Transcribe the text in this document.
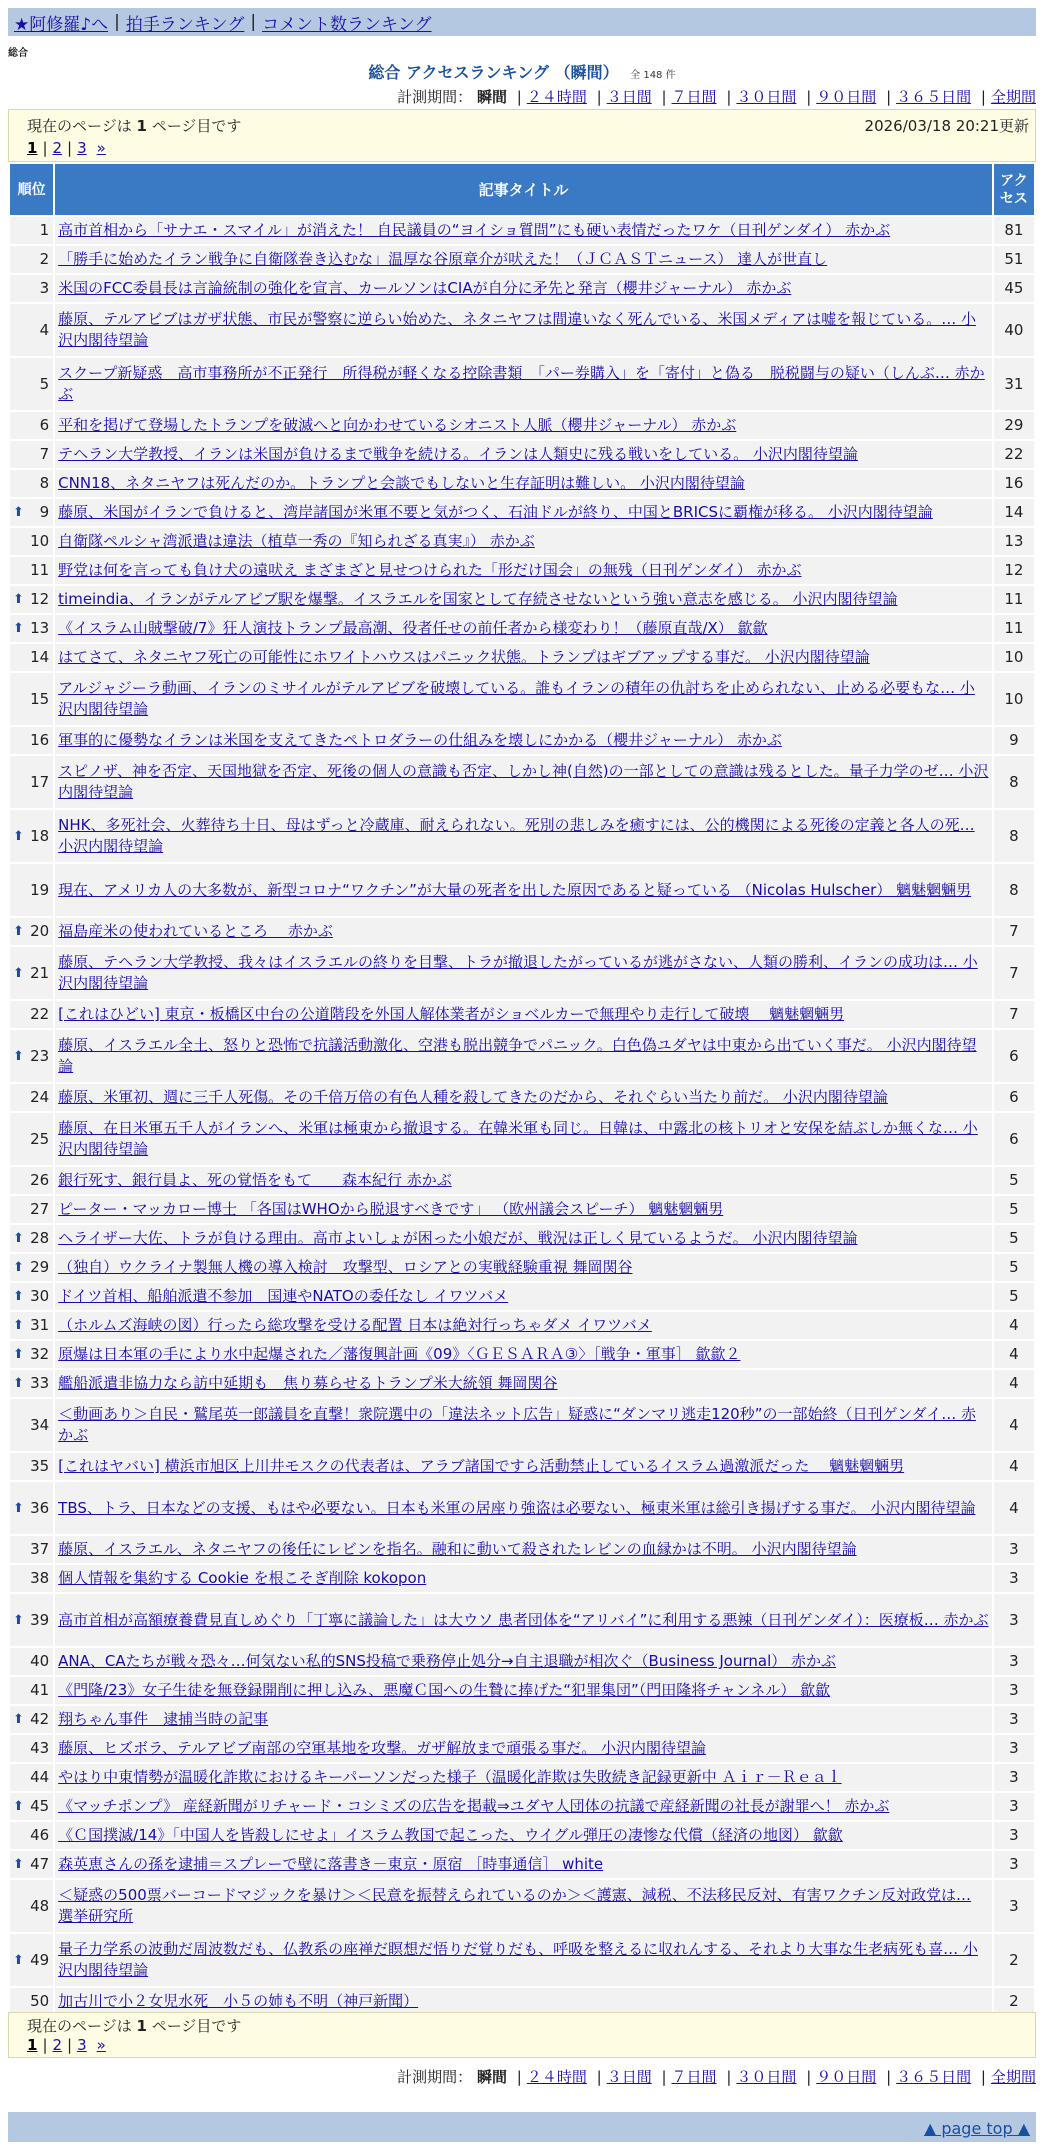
★阿修羅♪へ | 拍手ランキング | コメント数ランキング
総合
総合 アクセスランキング （瞬間） 全 148 件
計測期間： 瞬間 | ２４時間 | ３日間 | ７日間 | ３０日間 | ９０日間 | ３６５日間 | 全期間
現在のページは 1 ページ目です	2026/03/18 20:21更新
1 | 2 | 3 »
順位	記事タイトル	アクセス
1	高市首相から「サナエ・スマイル」が消えた！ 自民議員の“ヨイショ質問”にも硬い表情だったワケ（日刊ゲンダイ） 赤かぶ	81
2	「勝手に始めたイラン戦争に自衛隊巻き込むな」温厚な谷原章介が吠えた！（ＪＣＡＳＴニュース） 達人が世直し	51
3	米国のFCC委員長は言論統制の強化を宣言、カールソンはCIAが自分に矛先と発言（櫻井ジャーナル） 赤かぶ	45
4	藤原、テルアビブはガザ状態、市民が警察に逆らい始めた、ネタニヤフは間違いなく死んでいる、米国メディアは嘘を報じている。… 小沢内閣待望論	40
5	スクープ新疑惑　高市事務所が不正発行　所得税が軽くなる控除書類　「パー券購入」を「寄付」と偽る　脱税闘与の疑い（しんぶ… 赤かぶ	31
6	平和を掲げて登場したトランプを破滅へと向かわせているシオニスト人脈（櫻井ジャーナル） 赤かぶ	29
7	テヘラン大学教授、イランは米国が負けるまで戦争を続ける。イランは人類史に残る戦いをしている。 小沢内閣待望論	22
8	CNN18、ネタニヤフは死んだのか。トランプと会談でもしないと生存証明は難しい。 小沢内閣待望論	16

⬆ 9	藤原、米国がイランで負けると、湾岸諸国が米軍不要と気がつく、石油ドルが終り、中国とBRICSに覇権が移る。 小沢内閣待望論	14
10	自衛隊ペルシャ湾派遣は違法（植草一秀の『知られざる真実』） 赤かぶ	13
11	野党は何を言っても負け犬の遠吠え まざまざと見せつけられた「形だけ国会」の無残（日刊ゲンダイ） 赤かぶ	12

⬆ 12	timeindia、イランがテルアビブ駅を爆撃。イスラエルを国家として存続させないという強い意志を感じる。 小沢内閣待望論	11

⬆ 13	《イスラム山賊撃破/7》狂人演技トランプ最高潮、役者任せの前任者から様変わり！（藤原直哉/Ⅹ） 歙歙	11
14	はてさて、ネタニヤフ死亡の可能性にホワイトハウスはパニック状態。トランプはギブアップする事だ。 小沢内閣待望論	10
15	アルジャジーラ動画、イランのミサイルがテルアビブを破壊している。誰もイランの積年の仇討ちを止められない、止める必要もな… 小沢内閣待望論	10
16	軍事的に優勢なイランは米国を支えてきたペトロダラーの仕組みを壊しにかかる（櫻井ジャーナル） 赤かぶ	9
17	スピノザ、神を否定、天国地獄を否定、死後の個人の意識も否定、しかし神(自然)の一部としての意識は残るとした。量子力学のゼ… 小沢内閣待望論	8

⬆ 18	NHK、多死社会、火葬待ち十日、母はずっと冷蔵庫、耐えられない。死別の悲しみを癒すには、公的機関による死後の定義と各人の死… 小沢内閣待望論	8
19	現在、アメリカ人の大多数が、新型コロナ“ワクチン”が大量の死者を出した原因であると疑っている （Nicolas Hulscher） 魑魅魍魎男	8

⬆ 20	福島産米の使われているところ　 赤かぶ	7

⬆ 21	藤原、テヘラン大学教授、我々はイスラエルの終りを目撃、トラが撤退したがっているが逃がさない、人類の勝利、イランの成功は… 小沢内閣待望論	7
22	[これはひどい] 東京・板橋区中台の公道階段を外国人解体業者がショベルカーで無理やり走行して破壊　 魑魅魍魎男	7

⬆ 23	藤原、イスラエル全土、怒りと恐怖で抗議活動激化、空港も脱出競争でパニック。白色偽ユダヤは中東から出ていく事だ。 小沢内閣待望論	6
24	藤原、米軍初、週に三千人死傷。その千倍万倍の有色人種を殺してきたのだから、それぐらい当たり前だ。 小沢内閣待望論	6
25	藤原、在日米軍五千人がイランへ、米軍は極東から撤退する。在韓米軍も同じ。日韓は、中露北の核トリオと安保を結ぶしか無くな… 小沢内閣待望論	6
26	銀行死す、銀行員よ、死の覚悟をもて　　森本紀行 赤かぶ	5
27	ピーター・マッカロー博士 「各国はWHOから脱退すべきです」 （欧州議会スピーチ） 魑魅魍魎男	5

⬆ 28	ヘライザー大佐、トラが負ける理由。高市よいしょが困った小娘だが、戦況は正しく見ているようだ。 小沢内閣待望論	5

⬆ 29	（独自）ウクライナ製無人機の導入検討　攻撃型、ロシアとの実戦経験重視 舞岡関谷	5

⬆ 30	ドイツ首相、船舶派遣不参加　国連やNATOの委任なし イワツバメ	5

⬆ 31	（ホルムズ海峡の図）行ったら総攻撃を受ける配置 日本は絶対行っちゃダメ イワツバメ	4

⬆ 32	原爆は日本軍の手により水中起爆された／藩復興計画《09》〈ＧＥＳＡＲＡ③〉［戦争・軍事］ 歙歙２	4

⬆ 33	艦船派遣非協力なら訪中延期も　焦り募らせるトランプ米大統領 舞岡関谷	4
34	＜動画あり＞自民・鷲尾英一郎議員を直撃！衆院選中の「違法ネット広告」疑惑に“ダンマリ逃走120秒”の一部始終（日刊ゲンダイ… 赤かぶ	4
35	[これはヤバい] 横浜市旭区上川井モスクの代表者は、アラブ諸国ですら活動禁止しているイスラム過激派だった　 魑魅魍魎男	4

⬆ 36	TBS、トラ、日本などの支援、もはや必要ない。日本も米軍の居座り強盗は必要ない、極東米軍は総引き揚げする事だ。 小沢内閣待望論	4
37	藤原、イスラエル、ネタニヤフの後任にレビンを指名。融和に動いて殺されたレビンの血縁かは不明。 小沢内閣待望論	3
38	個人情報を集約する Cookie を根こそぎ削除 kokopon	3

⬆ 39	高市首相が高額療養費見直しめぐり「丁寧に議論した」は大ウソ 患者団体を“アリバイ”に利用する悪辣（日刊ゲンダイ）：医療板… 赤かぶ	3
40	ANA、CAたちが戦々恐々…何気ない私的SNS投稿で乗務停止処分→自主退職が相次ぐ（Business Journal） 赤かぶ	3
41	《門隆/23》女子生徒を無登録開削に押し込み、悪魔Ｃ国への生贄に捧げた“犯罪集団”（門田隆将チャンネル） 歙歙	3

⬆ 42	翔ちゃん事件　逮捕当時の記事	3
43	藤原、ヒズボラ、テルアビブ南部の空軍基地を攻撃。ガザ解放まで頑張る事だ。 小沢内閣待望論	3
44	やはり中東情勢が温暖化詐欺におけるキーパーソンだった様子（温暖化詐欺は失敗続き記録更新中 Ａｉｒ－Ｒｅａｌ	3

⬆ 45	《マッチポンプ》 産経新聞がリチャード・コシミズの広告を掲載⇒ユダヤ人団体の抗議で産経新聞の社長が謝罪へ！ 赤かぶ	3
46	《Ｃ国撲滅/14》「中国人を皆殺しにせよ」イスラム教国で起こった、ウイグル弾圧の凄惨な代償（経済の地図） 歙歙	3

⬆ 47	森英恵さんの孫を逮捕＝スプレーで壁に落書き－東京・原宿 ［時事通信］ white	3
48	＜疑惑の500票バーコードマジックを暴け＞＜民意を振替えられているのか＞＜護憲、減税、不法移民反対、有害ワクチン反対政党は… 選挙研究所	3

⬆ 49	量子力学系の波動だ周波数だも、仏教系の座禅だ瞑想だ悟りだ覚りだも、呼吸を整えるに収れんする、それより大事な生老病死も喜… 小沢内閣待望論	2
50	加古川で小２女児水死　小５の姉も不明（神戸新聞）	2
現在のページは 1 ページ目です
1 | 2 | 3 »
計測期間： 瞬間 | ２４時間 | ３日間 | ７日間 | ３０日間 | ９０日間 | ３６５日間 | 全期間
▲ page top ▲
